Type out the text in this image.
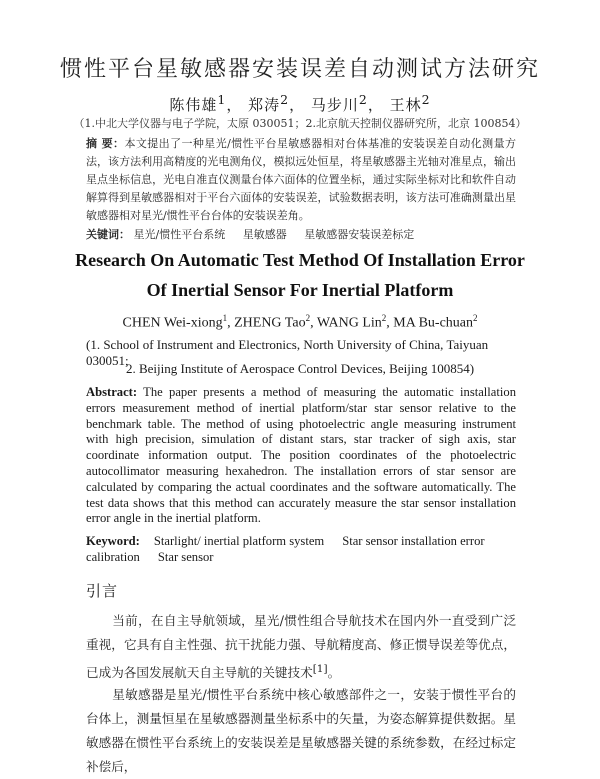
惯性平台星敏感器安装误差自动测试方法研究
陈伟雄$^1$， 郑涛$^2$， 马步川$^2$， 王林$^2$
（1.中北大学仪器与电子学院，太原 030051；2.北京航天控制仪器研究所，北京 100854）
摘 要：本文提出了一种星光/惯性平台星敏感器相对台体基准的安装误差自动化测量方法，该方法利用高精度的光电测角仪，模拟远处恒星，将星敏感器主光轴对准星点，输出星点坐标信息，光电自准直仪测量台体六面体的位置坐标，通过实际坐标对比和软件自动解算得到星敏感器相对于平台六面体的安装误差，试验数据表明，该方法可准确测量出星敏感器相对星光/惯性平台台体的安装误差角。
关键词： 星光/惯性平台系统 星敏感器 星敏感器安装误差标定
Research On Automatic Test Method Of Installation Error
Of Inertial Sensor For Inertial Platform
CHEN Wei-xiong$^1$, ZHENG Tao$^2$, WANG Lin$^2$, MA Bu-chuan$^2$
(1. School of Instrument and Electronics, North University of China, Taiyuan 030051;
2. Beijing Institute of Aerospace Control Devices, Beijing 100854)
Abstract: The paper presents a method of measuring the automatic installation errors measurement method of inertial platform/star star sensor relative to the benchmark table. The method of using photoelectric angle measuring instrument with high precision, simulation of distant stars, star tracker of sigh axis, star coordinate information output. The position coordinates of the photoelectric autocollimator measuring hexahedron. The installation errors of star sensor are calculated by comparing the actual coordinates and the software automatically. The test data shows that this method can accurately measure the star sensor installation error angle in the inertial platform.
Keyword: Starlight/ inertial platform system Star sensor installation error calibration Star sensor
引言
当前，在自主导航领域，星光/惯性组合导航技术在国内外一直受到广泛重视，它具有自主性强、抗干扰能力强、导航精度高、修正惯导误差等优点，已成为各国发展航天自主导航的关键技术[1]。
星敏感器是星光/惯性平台系统中核心敏感部件之一，安装于惯性平台的台体上，测量恒星在星敏感器测量坐标系中的矢量，为姿态解算提供数据。星敏感器在惯性平台系统上的安装误差是星敏感器关键的系统参数，在经过标定补偿后，
